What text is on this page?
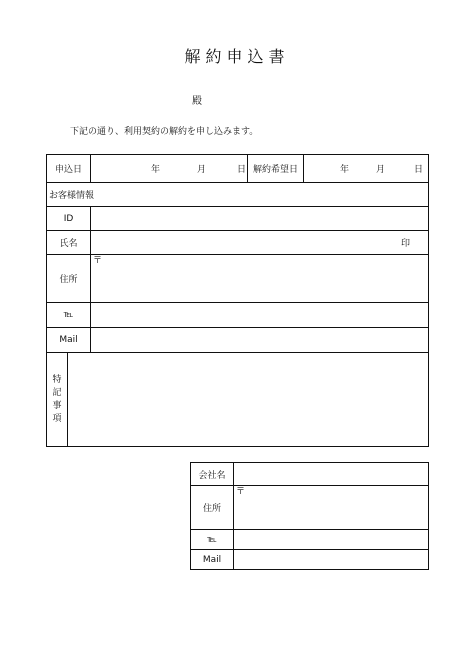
解約申込書
殿
下記の通り、利用契約の解約を申し込みます。
申込日		年 月 日	解約希望日	年 月 日

お客様情報				
ID				
氏名		印		

住所		〒		

℡				
Mail				

特
記
事
項				

会社名	
住所	〒

℡	
Mail	
